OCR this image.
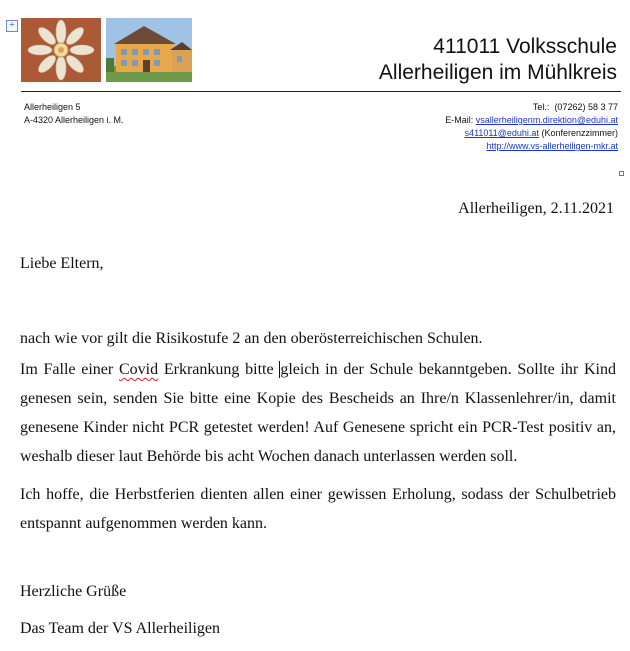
+
411011 Volksschule
Allerheiligen im Mühlkreis
Allerheiligen 5
A-4320 Allerheiligen i. M.
Tel.: (07262) 58 3 77
E-Mail: vsallerheiligenm.direktion@eduhi.at
s411011@eduhi.at (Konferenzzimmer)
http://www.vs-allerheiligen-mkr.at
Allerheiligen, 2.11.2021
Liebe Eltern,

nach wie vor gilt die Risikostufe 2 an den oberösterreichischen Schulen.

Im Falle einer Covid Erkrankung bitte gleich in der Schule bekanntgeben. Sollte ihr Kind genesen sein, senden Sie bitte eine Kopie des Bescheids an Ihre/n Klassenlehrer/in, damit genesene Kinder nicht PCR getestet werden! Auf Genesene spricht ein PCR-Test positiv an, weshalb dieser laut Behörde bis acht Wochen danach unterlassen werden soll.

Ich hoffe, die Herbstferien dienten allen einer gewissen Erholung, sodass der Schulbetrieb entspannt aufgenommen werden kann.

Herzliche Grüße
Das Team der VS Allerheiligen
